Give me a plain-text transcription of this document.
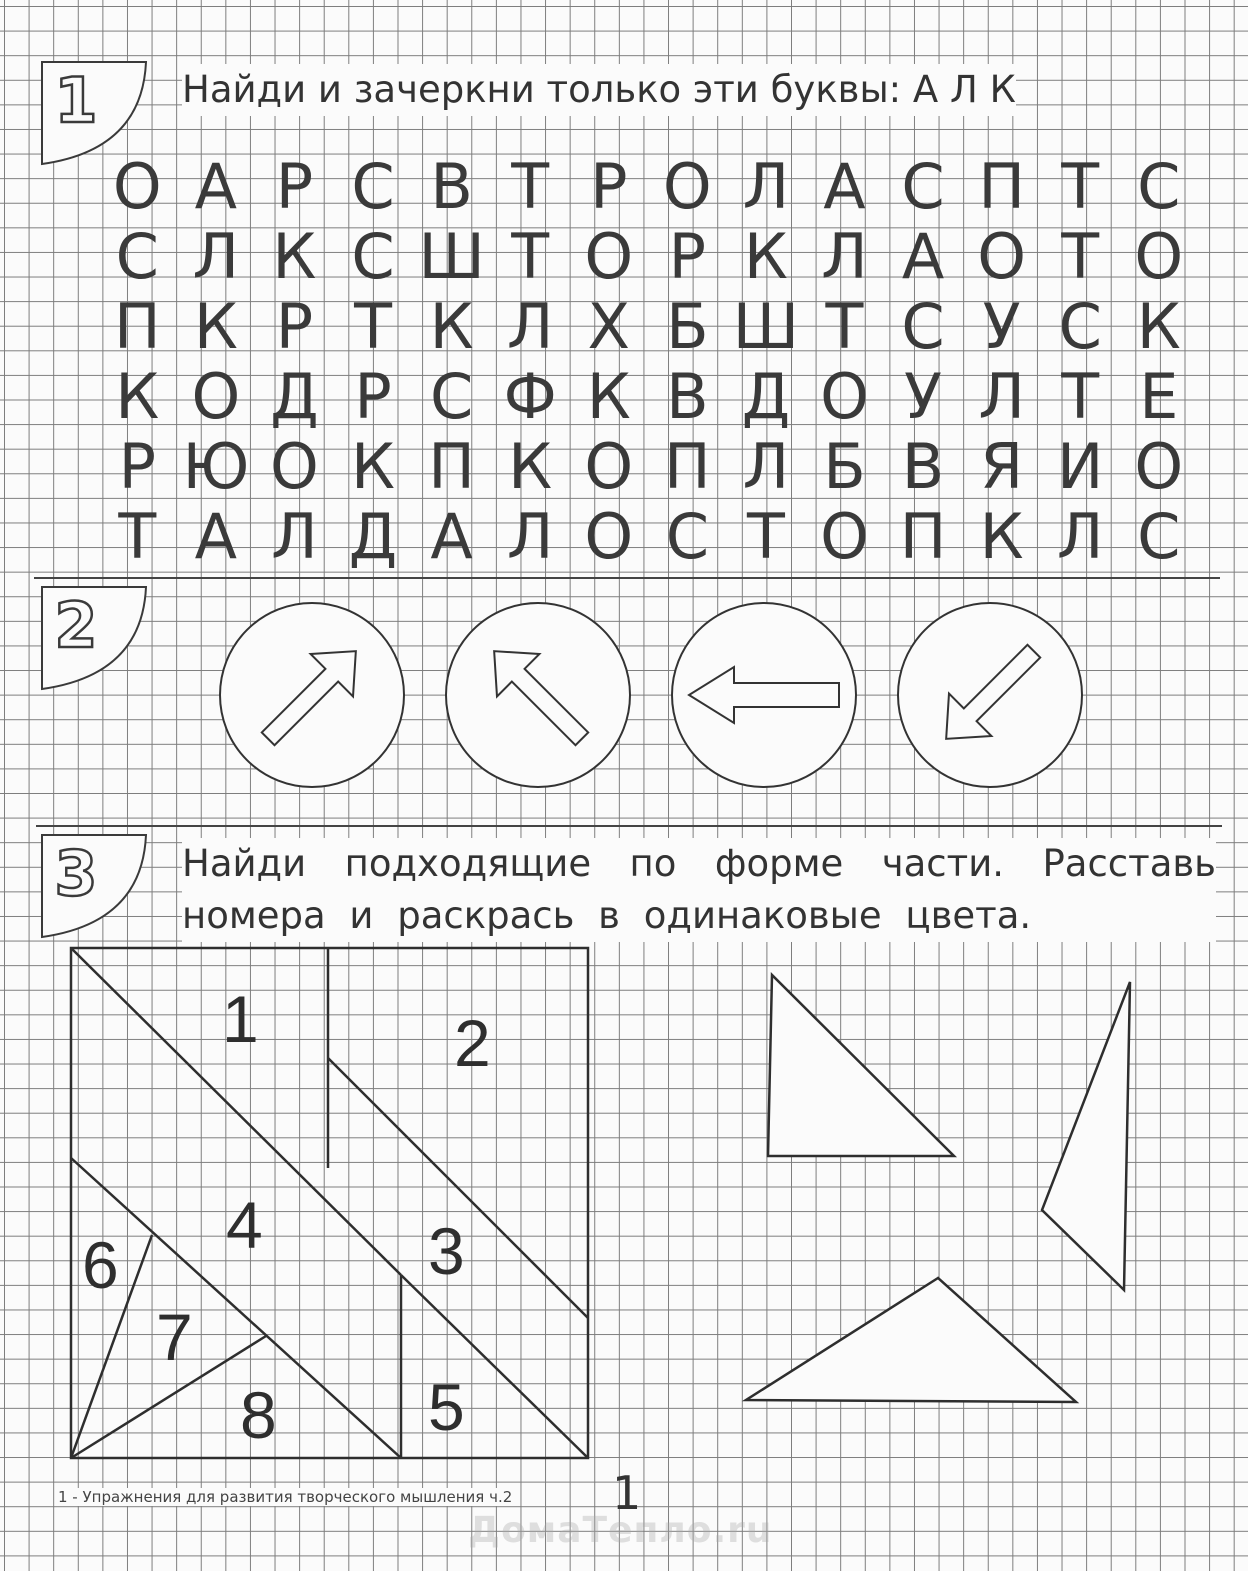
1 Найди и зачеркни только эти буквы: А Л К
О А Р С В Т Р О Л А С П Т С
С Л К С Ш Т О Р К Л А О Т О
П К Р Т К Л Х Б Ш Т С У С К
К О Д Р С Ф К В Д О У Л Т Е
Р Ю О К П К О П Л Б В Я И О
Т А Л Д А Л О С Т О П К Л С
2
3 Найди подходящие по форме части. Расставь номера и раскрась в одинаковые цвета.
1	2
3
4
5
6
7
8
1 - Упражнения для развития творческого мышления ч.2 1
ДомаТепло.ru
